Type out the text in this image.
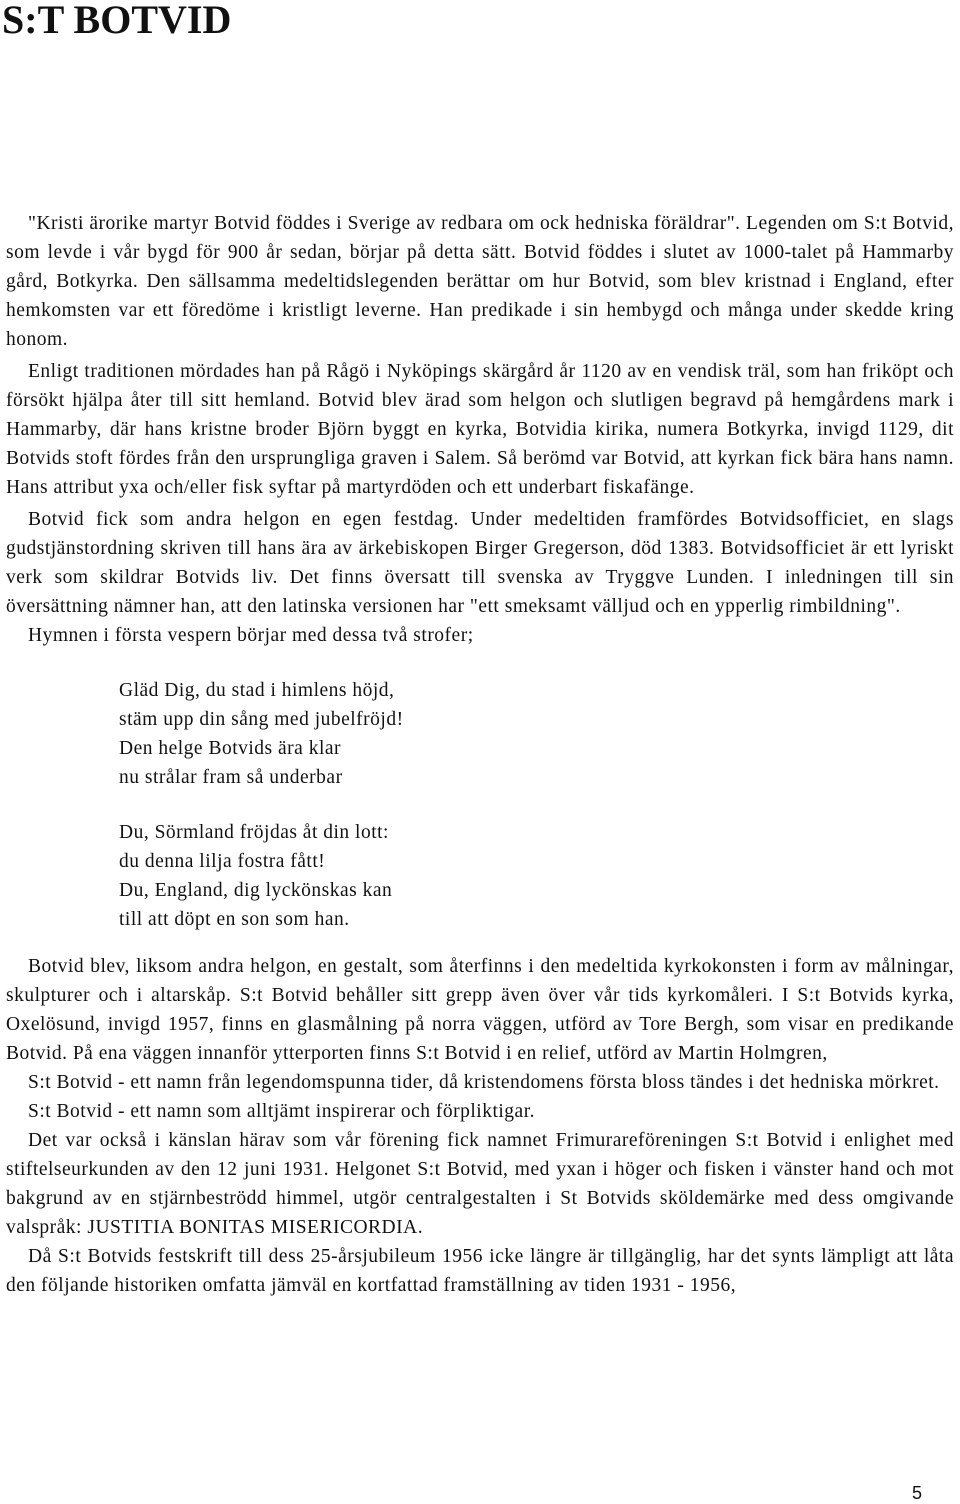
S:T BOTVID

"Kristi ärorike martyr Botvid föddes i Sverige av redbara om ock hedniska föräldrar". Legenden om S:t Botvid, som levde i vår bygd för 900 år sedan, börjar på detta sätt. Botvid föddes i slutet av 1000-talet på Hammarby gård, Botkyrka. Den sällsamma medeltidslegenden berättar om hur Botvid, som blev kristnad i England, efter hemkomsten var ett föredöme i kristligt leverne. Han predikade i sin hembygd och många under skedde kring honom.

Enligt traditionen mördades han på Rågö i Nyköpings skärgård år 1120 av en vendisk träl, som han friköpt och försökt hjälpa åter till sitt hemland. Botvid blev ärad som helgon och slutligen begravd på hemgårdens mark i Hammarby, där hans kristne broder Björn byggt en kyrka, Botvidia kirika, numera Botkyrka, invigd 1129, dit Botvids stoft fördes från den ursprungliga graven i Salem. Så berömd var Botvid, att kyrkan fick bära hans namn. Hans attribut yxa och/eller fisk syftar på martyrdöden och ett underbart fiskafänge.

Botvid fick som andra helgon en egen festdag. Under medeltiden framfördes Botvidsofficiet, en slags gudstjänstordning skriven till hans ära av ärkebiskopen Birger Gregerson, död 1383. Botvidsofficiet är ett lyriskt verk som skildrar Botvids liv. Det finns översatt till svenska av Tryggve Lunden. I inledningen till sin översättning nämner han, att den latinska versionen har "ett smeksamt välljud och en ypperlig rimbildning".

Hymnen i första vespern börjar med dessa två strofer;

Gläd Dig, du stad i himlens höjd,
stäm upp din sång med jubelfröjd!
Den helge Botvids ära klar
nu strålar fram så underbar
Du, Sörmland fröjdas åt din lott:
du denna lilja fostra fått!
Du, England, dig lyckönskas kan
till att döpt en son som han.

Botvid blev, liksom andra helgon, en gestalt, som återfinns i den medeltida kyrkokonsten i form av målningar, skulpturer och i altarskåp. S:t Botvid behåller sitt grepp även över vår tids kyrkomåleri. I S:t Botvids kyrka, Oxelösund, invigd 1957, finns en glasmålning på norra väggen, utförd av Tore Bergh, som visar en predikande Botvid. På ena väggen innanför ytterporten finns S:t Botvid i en relief, utförd av Martin Holmgren,

S:t Botvid - ett namn från legendomspunna tider, då kristendomens första bloss tändes i det hedniska mörkret.

S:t Botvid - ett namn som alltjämt inspirerar och förpliktigar.

Det var också i känslan härav som vår förening fick namnet Frimurareföreningen S:t Botvid i enlighet med stiftelseurkunden av den 12 juni 1931. Helgonet S:t Botvid, med yxan i höger och fisken i vänster hand och mot bakgrund av en stjärnbeströdd himmel, utgör centralgestalten i St Botvids sköldemärke med dess omgivande valspråk: JUSTITIA BONITAS MISERICORDIA.

Då S:t Botvids festskrift till dess 25-årsjubileum 1956 icke längre är tillgänglig, har det synts lämpligt att låta den följande historiken omfatta jämväl en kortfattad framställning av tiden 1931 - 1956,

5
